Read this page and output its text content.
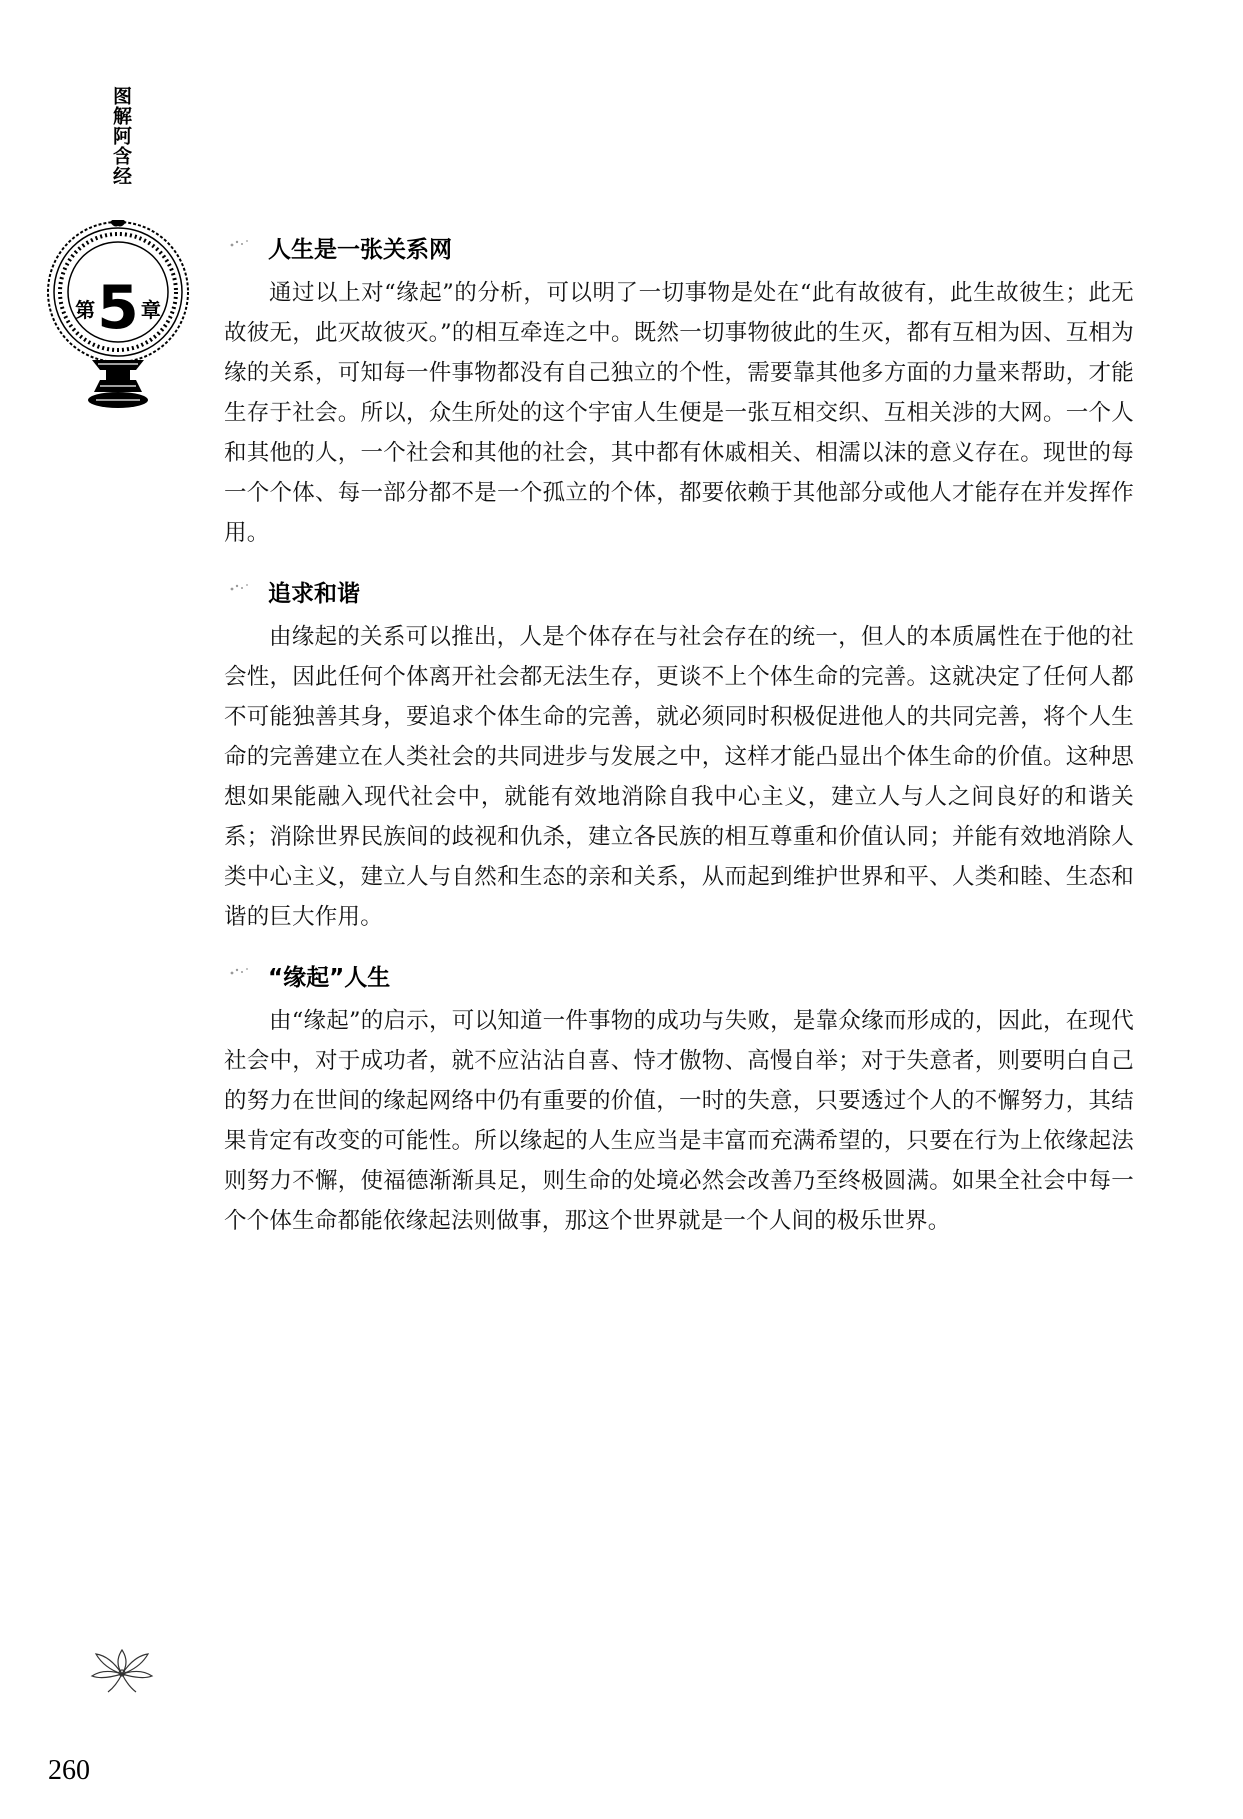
图解阿含经
第 5 章
人生是一张关系网

通过以上对“缘起”的分析，可以明了一切事物是处在“此有故彼有，此生故彼生；此无故彼无，此灭故彼灭。”的相互牵连之中。既然一切事物彼此的生灭，都有互相为因、互相为缘的关系，可知每一件事物都没有自己独立的个性，需要靠其他多方面的力量来帮助，才能生存于社会。所以，众生所处的这个宇宙人生便是一张互相交织、互相关涉的大网。一个人和其他的人，一个社会和其他的社会，其中都有休戚相关、相濡以沫的意义存在。现世的每一个个体、每一部分都不是一个孤立的个体，都要依赖于其他部分或他人才能存在并发挥作用。

追求和谐

由缘起的关系可以推出，人是个体存在与社会存在的统一，但人的本质属性在于他的社会性，因此任何个体离开社会都无法生存，更谈不上个体生命的完善。这就决定了任何人都不可能独善其身，要追求个体生命的完善，就必须同时积极促进他人的共同完善，将个人生命的完善建立在人类社会的共同进步与发展之中，这样才能凸显出个体生命的价值。这种思想如果能融入现代社会中，就能有效地消除自我中心主义，建立人与人之间良好的和谐关系；消除世界民族间的歧视和仇杀，建立各民族的相互尊重和价值认同；并能有效地消除人类中心主义，建立人与自然和生态的亲和关系，从而起到维护世界和平、人类和睦、生态和谐的巨大作用。

“缘起”人生

由“缘起”的启示，可以知道一件事物的成功与失败，是靠众缘而形成的，因此，在现代社会中，对于成功者，就不应沾沾自喜、恃才傲物、高慢自举；对于失意者，则要明白自己的努力在世间的缘起网络中仍有重要的价值，一时的失意，只要透过个人的不懈努力，其结果肯定有改变的可能性。所以缘起的人生应当是丰富而充满希望的，只要在行为上依缘起法则努力不懈，使福德渐渐具足，则生命的处境必然会改善乃至终极圆满。如果全社会中每一个个体生命都能依缘起法则做事，那这个世界就是一个人间的极乐世界。

260
